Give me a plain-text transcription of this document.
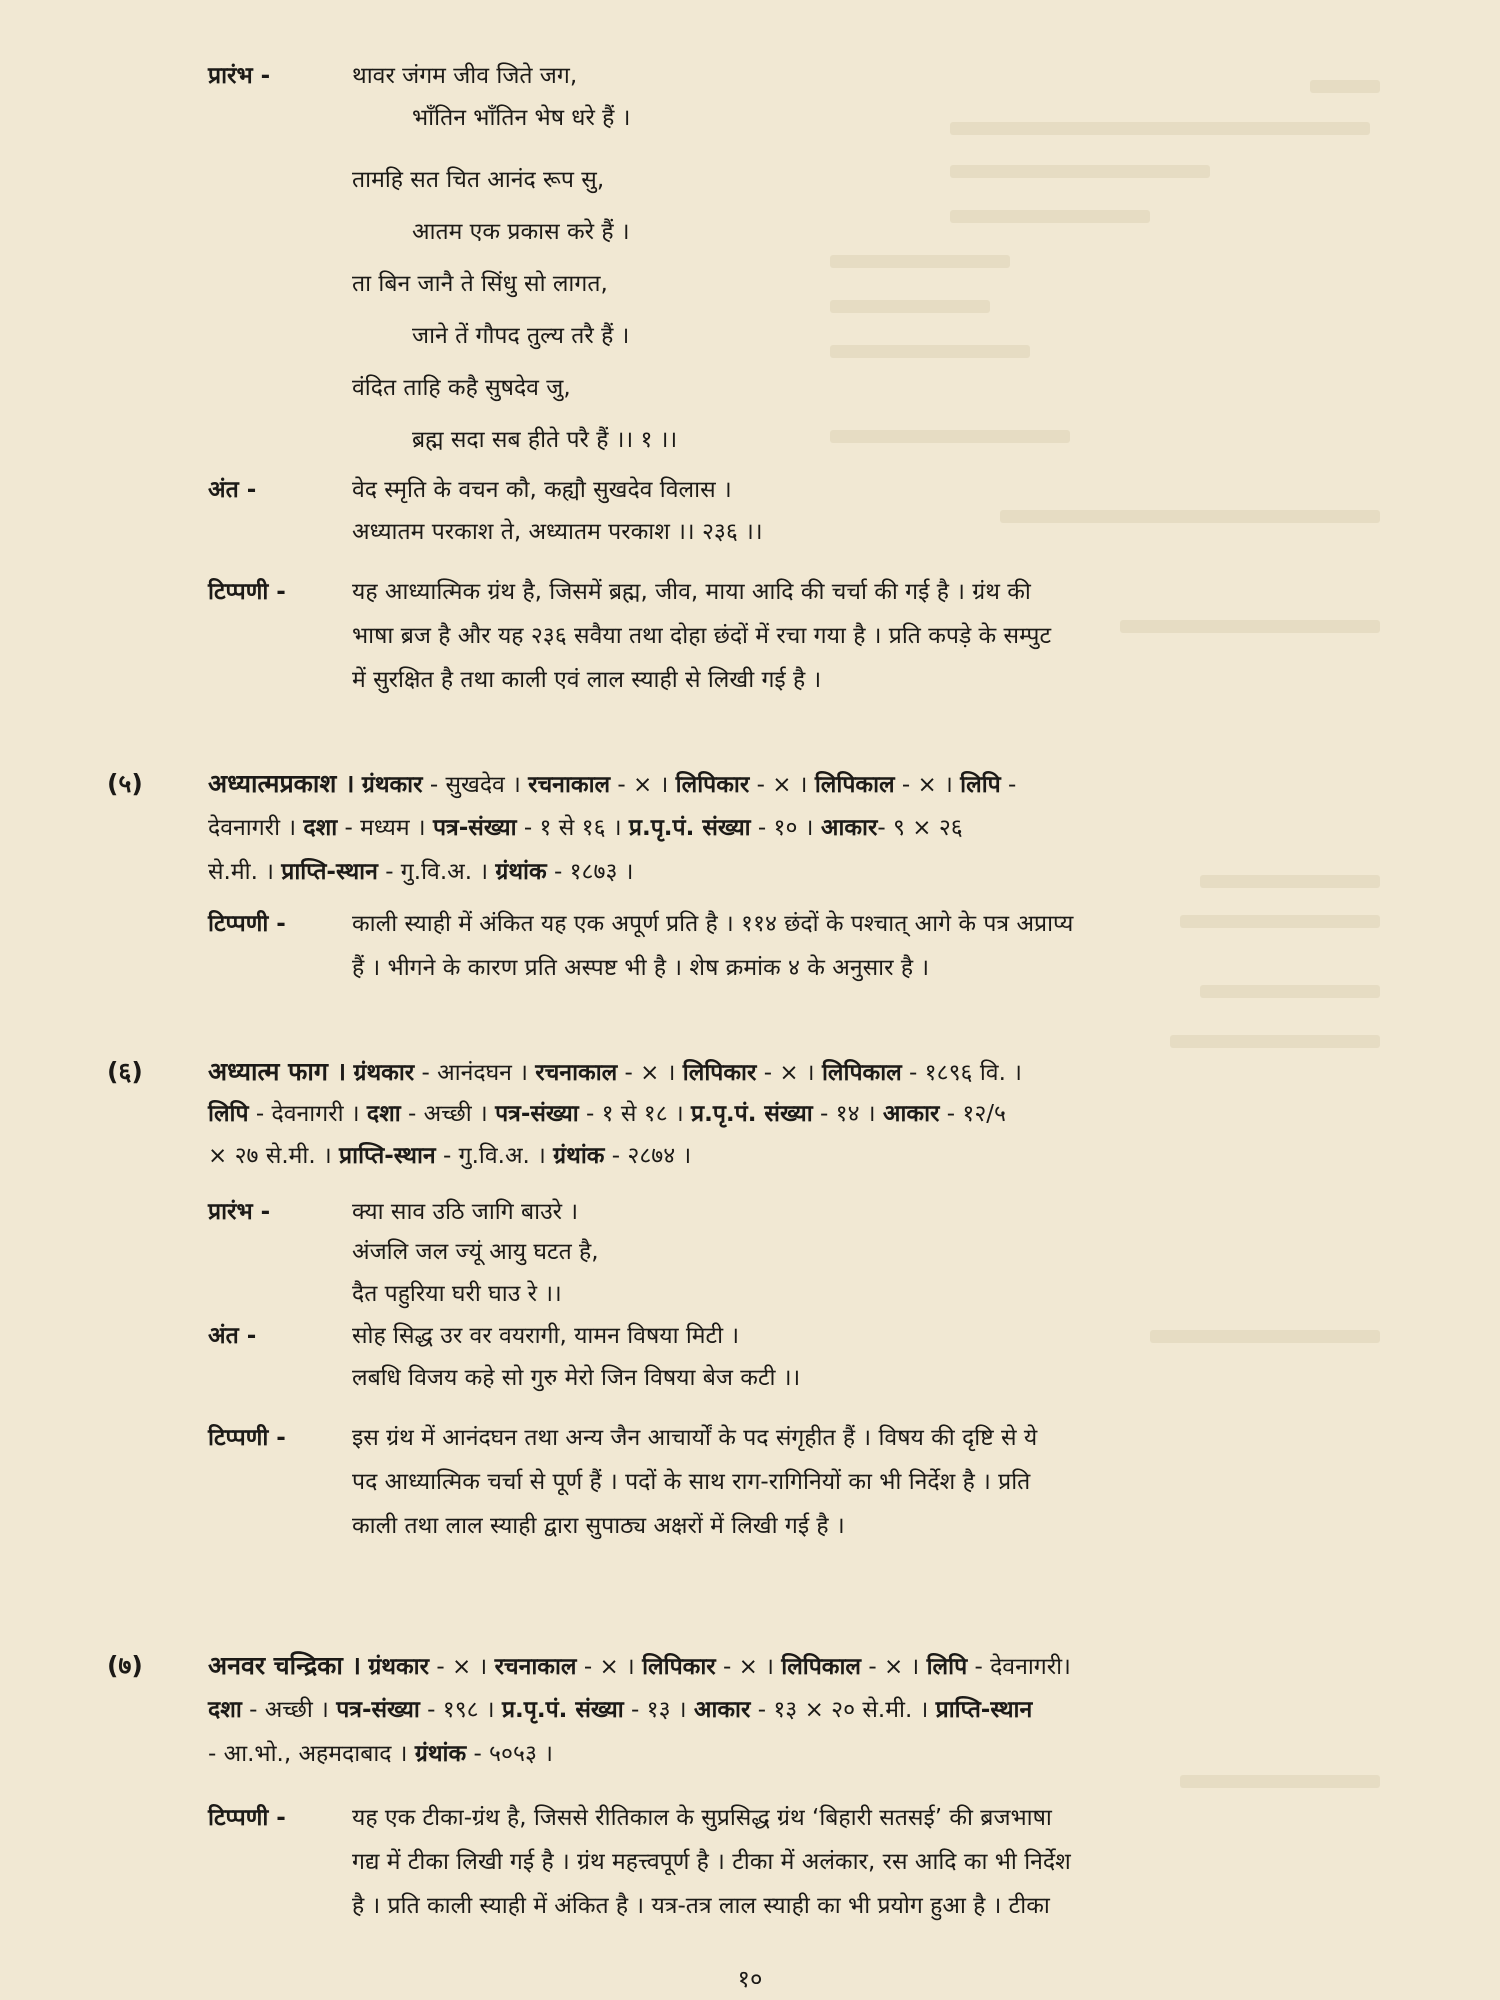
प्रारंभ -	थावर जंगम जीव जिते जग,
भाँतिन भाँतिन भेष धरे हैं ।
तामहि सत चित आनंद रूप सु,
आतम एक प्रकास करे हैं ।
ता बिन जानै ते सिंधु सो लागत,
जाने तें गौपद तुल्य तरै हैं ।
वंदित ताहि कहै सुषदेव जु,
ब्रह्म सदा सब हीते परै हैं ।। १ ।।
अंत -	वेद स्मृति के वचन कौ, कह्यौ सुखदेव विलास ।
अध्यातम परकाश ते, अध्यातम परकाश ।। २३६ ।।
टिप्पणी -	यह आध्यात्मिक ग्रंथ है, जिसमें ब्रह्म, जीव, माया आदि की चर्चा की गई है । ग्रंथ की
भाषा ब्रज है और यह २३६ सवैया तथा दोहा छंदों में रचा गया है । प्रति कपड़े के सम्पुट
में सुरक्षित है तथा काली एवं लाल स्याही से लिखी गई है ।
(५)	अध्यात्मप्रकाश । ग्रंथकार - सुखदेव । रचनाकाल - × । लिपिकार - × । लिपिकाल - × । लिपि -
देवनागरी । दशा - मध्यम । पत्र-संख्या - १ से १६ । प्र.पृ.पं. संख्या - १० । आकार- ९ × २६
से.मी. । प्राप्ति-स्थान - गु.वि.अ. । ग्रंथांक - १८७३ ।
टिप्पणी -	काली स्याही में अंकित यह एक अपूर्ण प्रति है । ११४ छंदों के पश्चात् आगे के पत्र अप्राप्य
हैं । भीगने के कारण प्रति अस्पष्ट भी है । शेष क्रमांक ४ के अनुसार है ।
(६)	अध्यात्म फाग । ग्रंथकार - आनंदघन । रचनाकाल - × । लिपिकार - × । लिपिकाल - १८९६ वि. ।
लिपि - देवनागरी । दशा - अच्छी । पत्र-संख्या - १ से १८ । प्र.पृ.पं. संख्या - १४ । आकार - १२/५
× २७ से.मी. । प्राप्ति-स्थान - गु.वि.अ. । ग्रंथांक - २८७४ ।
प्रारंभ -	क्या साव उठि जागि बाउरे ।
अंजलि जल ज्यूं आयु घटत है,
दैत पहुरिया घरी घाउ रे ।।
अंत -	सोह सिद्ध उर वर वयरागी, यामन विषया मिटी ।
लबधि विजय कहे सो गुरु मेरो जिन विषया बेज कटी ।।
टिप्पणी -	इस ग्रंथ में आनंदघन तथा अन्य जैन आचार्यों के पद संगृहीत हैं । विषय की दृष्टि से ये
पद आध्यात्मिक चर्चा से पूर्ण हैं । पदों के साथ राग-रागिनियों का भी निर्देश है । प्रति
काली तथा लाल स्याही द्वारा सुपाठ्य अक्षरों में लिखी गई है ।
(७)	अनवर चन्द्रिका । ग्रंथकार - × । रचनाकाल - × । लिपिकार - × । लिपिकाल - × । लिपि - देवनागरी।
दशा - अच्छी । पत्र-संख्या - १९८ । प्र.पृ.पं. संख्या - १३ । आकार - १३ × २० से.मी. । प्राप्ति-स्थान
- आ.भो., अहमदाबाद । ग्रंथांक - ५०५३ ।
टिप्पणी -	यह एक टीका-ग्रंथ है, जिससे रीतिकाल के सुप्रसिद्ध ग्रंथ ‘बिहारी सतसई’ की ब्रजभाषा
गद्य में टीका लिखी गई है । ग्रंथ महत्त्वपूर्ण है । टीका में अलंकार, रस आदि का भी निर्देश
है । प्रति काली स्याही में अंकित है । यत्र-तत्र लाल स्याही का भी प्रयोग हुआ है । टीका
१०
